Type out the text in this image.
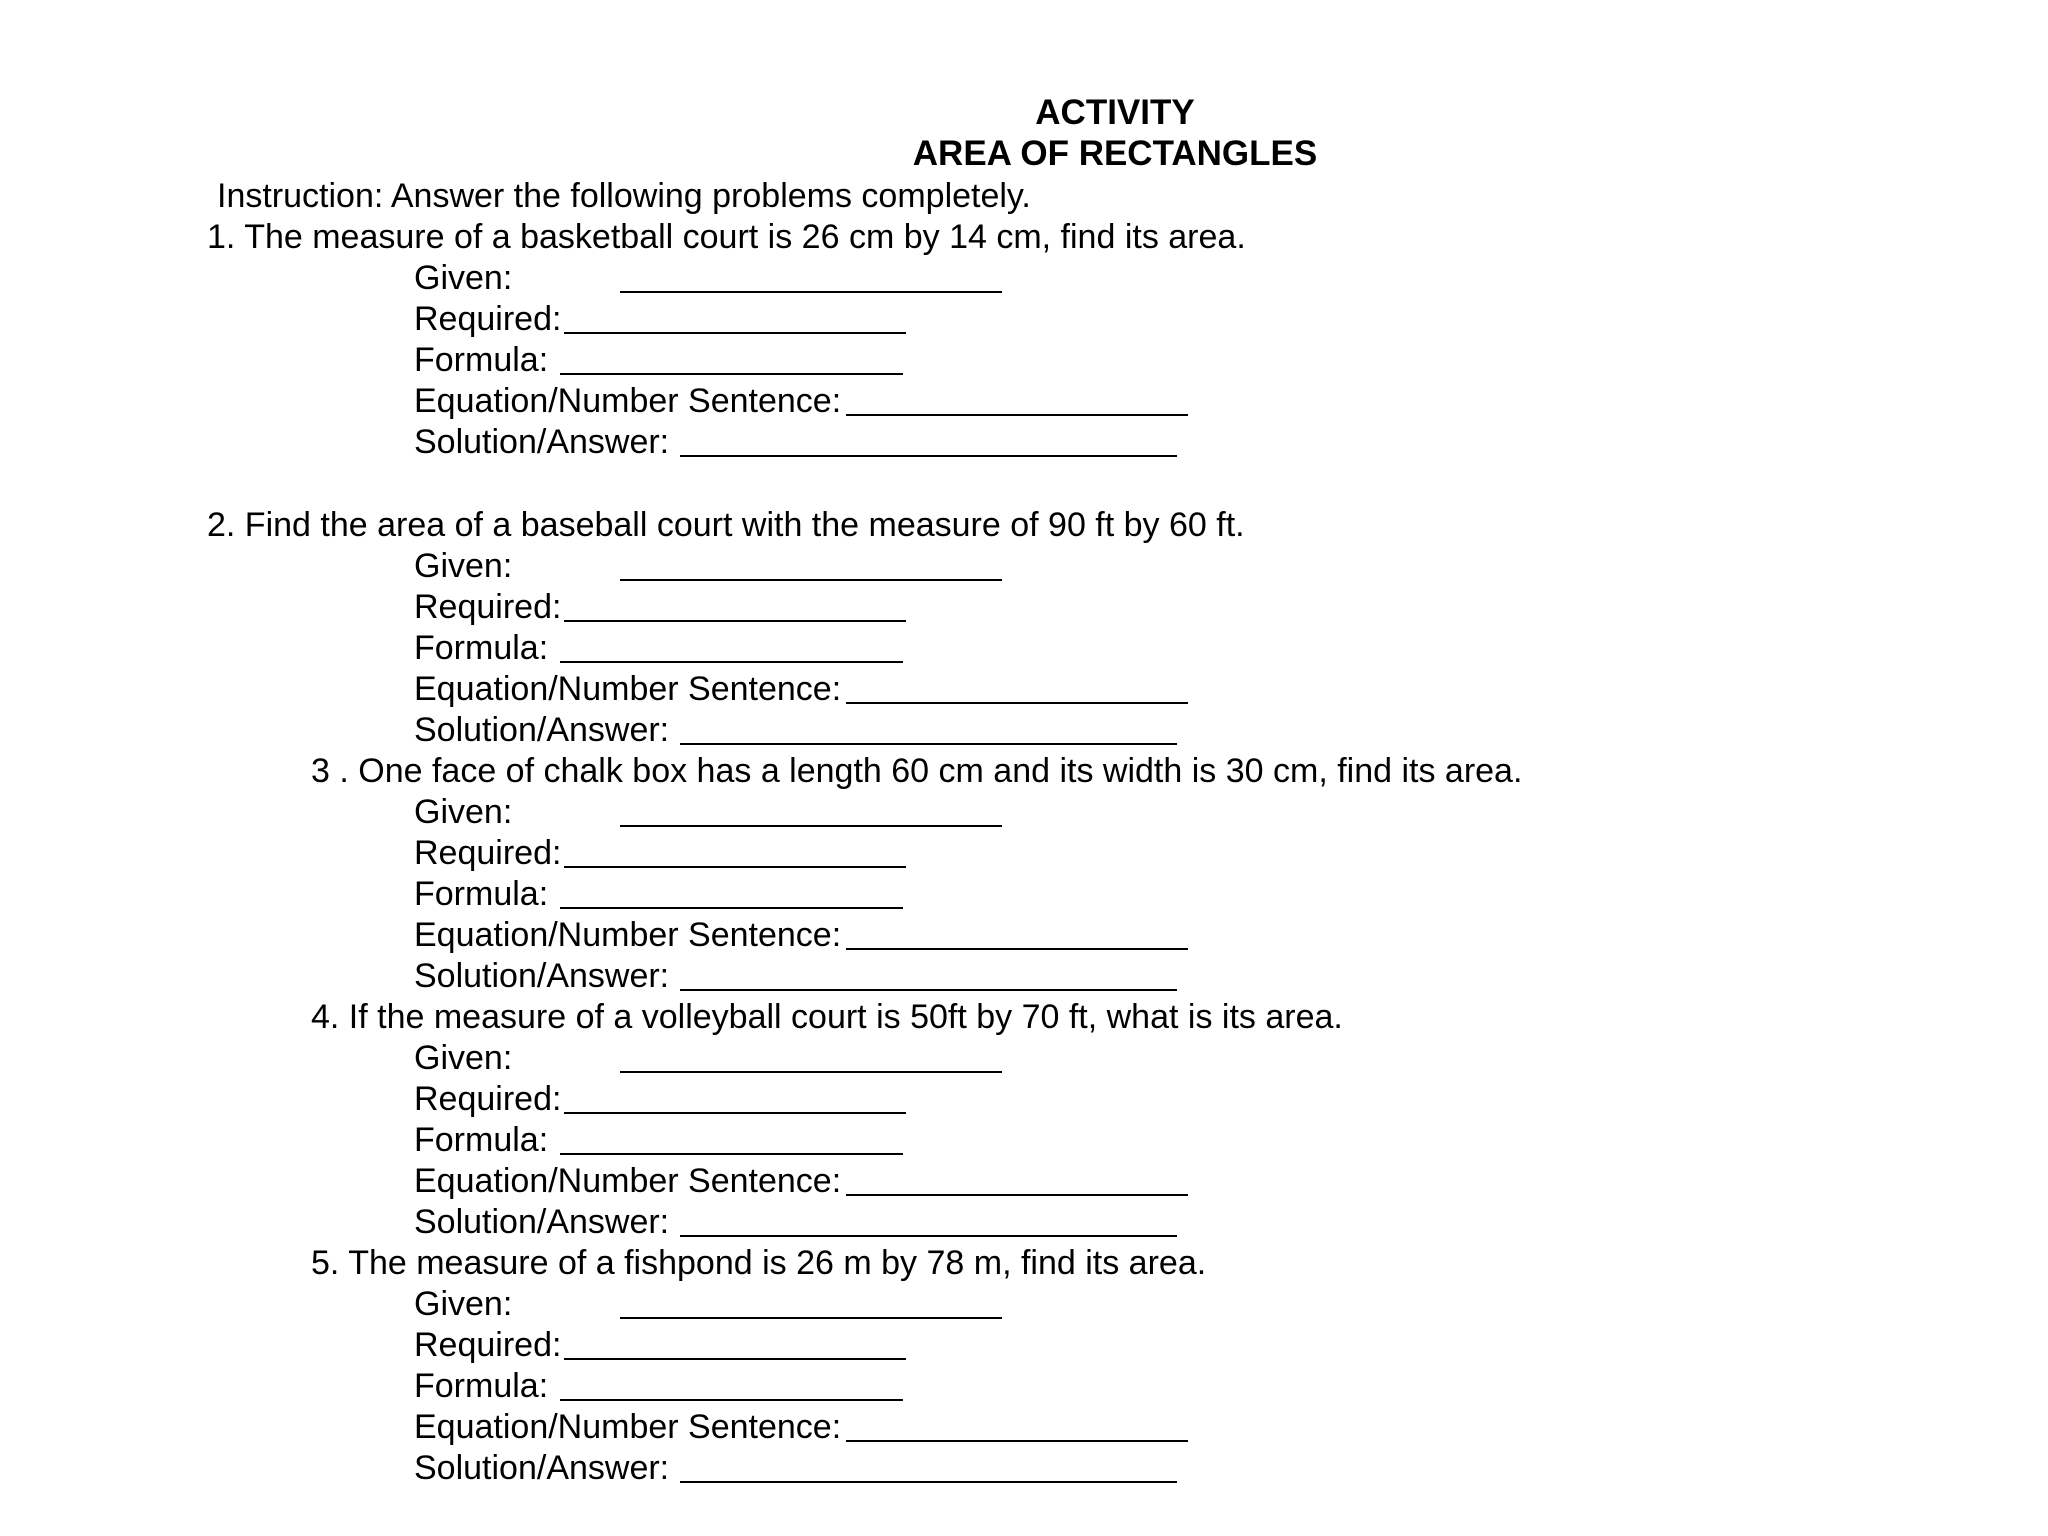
ACTIVITY
AREA OF RECTANGLES
Instruction: Answer the following problems completely.
1. The measure of a basketball court is 26 cm by 14 cm, find its area.
Given:
Required:
Formula:
Equation/Number Sentence:
Solution/Answer:
2. Find the area of a baseball court with the measure of 90 ft by 60 ft.
Given:
Required:
Formula:
Equation/Number Sentence:
Solution/Answer:
3 . One face of chalk box has a length 60 cm and its width is 30 cm, find its area.
Given:
Required:
Formula:
Equation/Number Sentence:
Solution/Answer:
4. If the measure of a volleyball court is 50ft by 70 ft, what is its area.
Given:
Required:
Formula:
Equation/Number Sentence:
Solution/Answer:
5. The measure of a fishpond is 26 m by 78 m, find its area.
Given:
Required:
Formula:
Equation/Number Sentence:
Solution/Answer:
